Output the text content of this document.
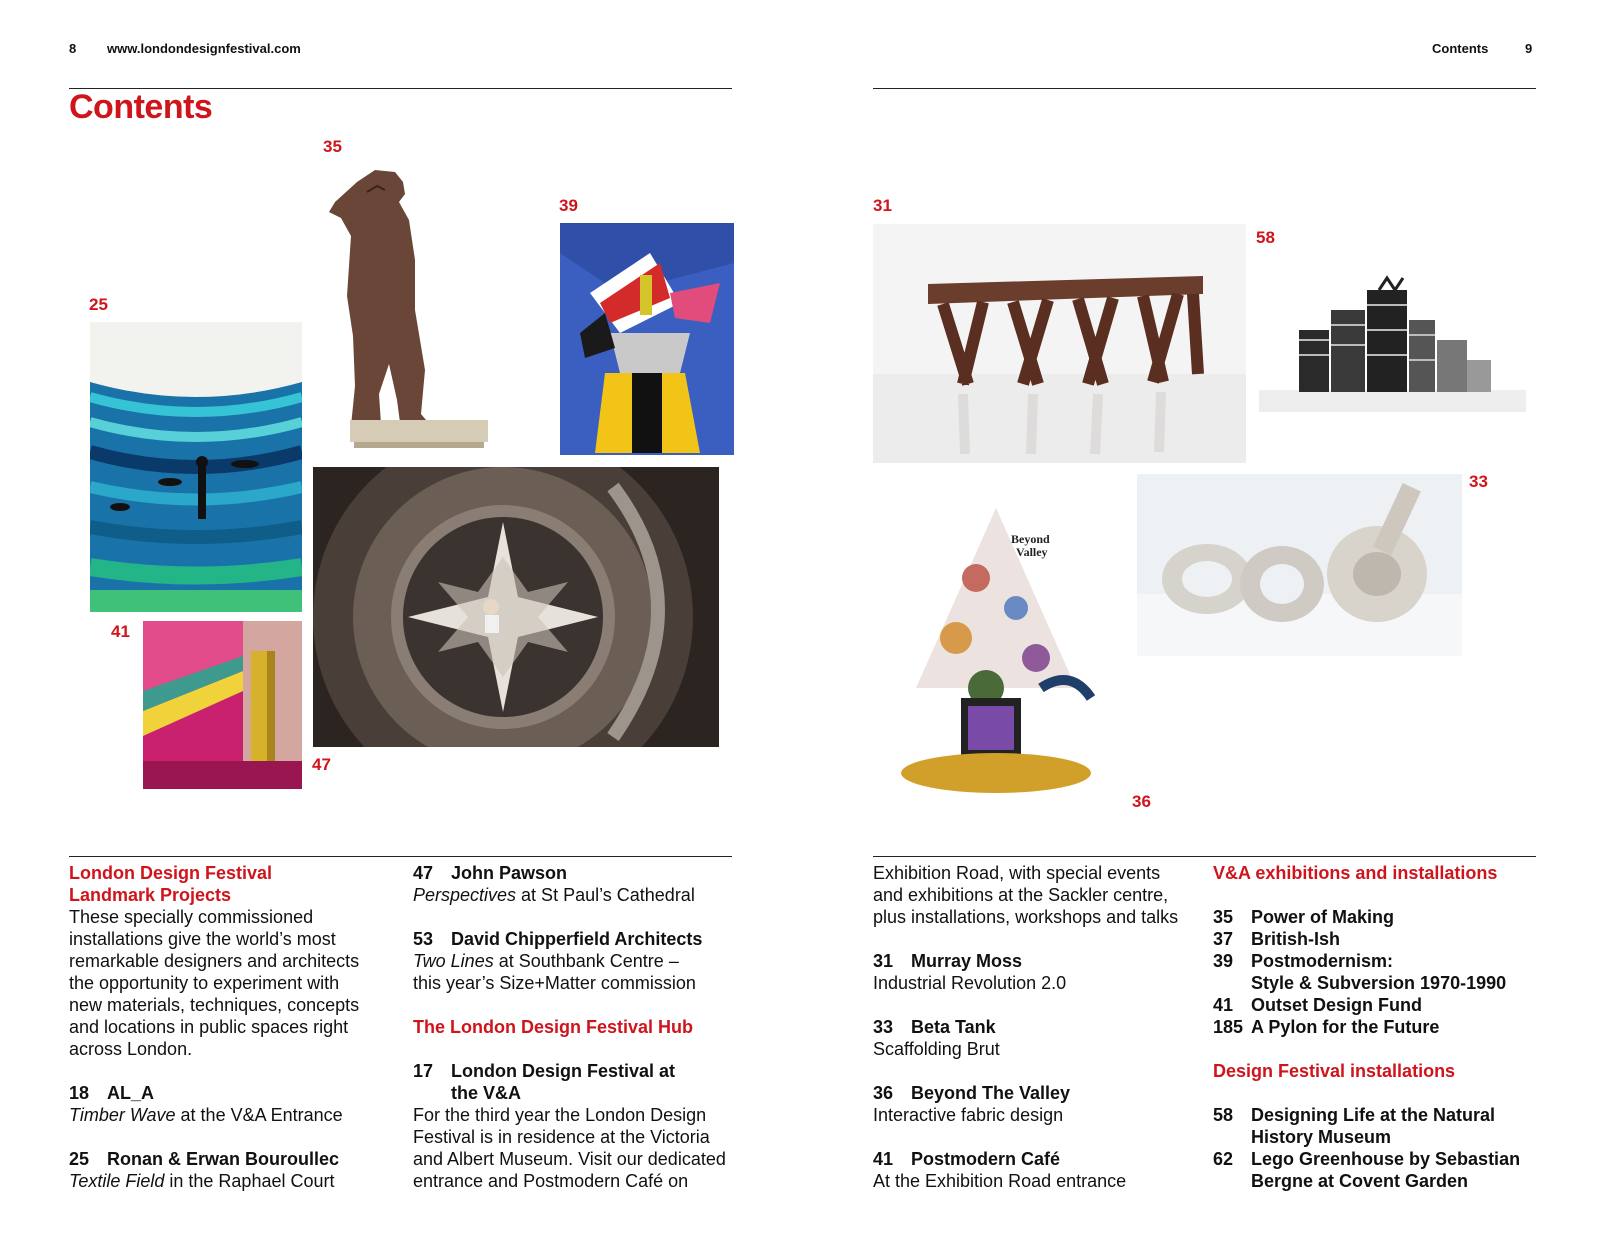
8 www.londondesignfestival.com	Contents	9
Contents
35
39
25
41
47
31
58
33
36
Beyond
Valley
London Design Festival
Landmark Projects
These specially commissioned
installations give the world’s most
remarkable designers and architects
the opportunity to experiment with
new materials, techniques, concepts
and locations in public spaces right
across London.
18 AL_A
Timber Wave at the V&A Entrance
25 Ronan & Erwan Bouroullec
Textile Field in the Raphael Court
47 John Pawson
Perspectives at St Paul’s Cathedral
53 David Chipperfield Architects
Two Lines at Southbank Centre –
this year’s Size+Matter commission
The London Design Festival Hub
17 London Design Festival at
the V&A
For the third year the London Design
Festival is in residence at the Victoria
and Albert Museum. Visit our dedicated
entrance and Postmodern Café on
Exhibition Road, with special events
and exhibitions at the Sackler centre,
plus installations, workshops and talks
31 Murray Moss
Industrial Revolution 2.0
33 Beta Tank
Scaffolding Brut
36 Beyond The Valley
Interactive fabric design
41 Postmodern Café
At the Exhibition Road entrance
V&A exhibitions and installations
35 Power of Making
37 British-Ish
39 Postmodernism:
Style & Subversion 1970-1990
41 Outset Design Fund
185 A Pylon for the Future
Design Festival installations
58 Designing Life at the Natural
History Museum
62 Lego Greenhouse by Sebastian
Bergne at Covent Garden
